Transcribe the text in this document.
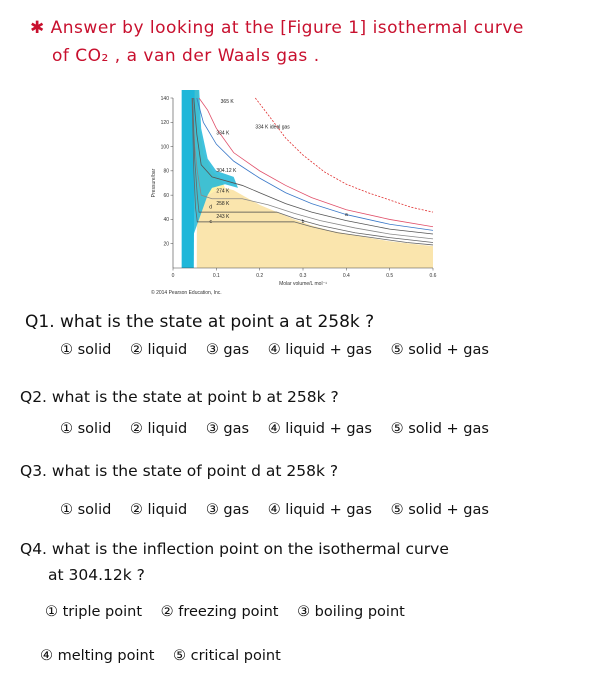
✱ Answer by looking at the [Figure 1] isothermal curve
of CO₂ , a van der Waals gas .
0	0.1	0.2	0.3	0.4	0.5	0.6
20
40
60
80
100
120
140
Molar volume/L mol⁻¹
Pressure/bar
© 2014 Pearson Education, Inc.
365 K
334 K
334 K ideal gas
304.12 K
274 K
258 K
243 K	a
b
c
d
Q1. what is the state at point a at 258k ?
① solid ② liquid ③ gas ④ liquid + gas ⑤ solid + gas
Q2. what is the state at point b at 258k ?
① solid ② liquid ③ gas ④ liquid + gas ⑤ solid + gas
Q3. what is the state of point d at 258k ?
① solid ② liquid ③ gas ④ liquid + gas ⑤ solid + gas
Q4. what is the inflection point on the isothermal curve
at 304.12k ?
① triple point ② freezing point ③ boiling point
④ melting point ⑤ critical point
